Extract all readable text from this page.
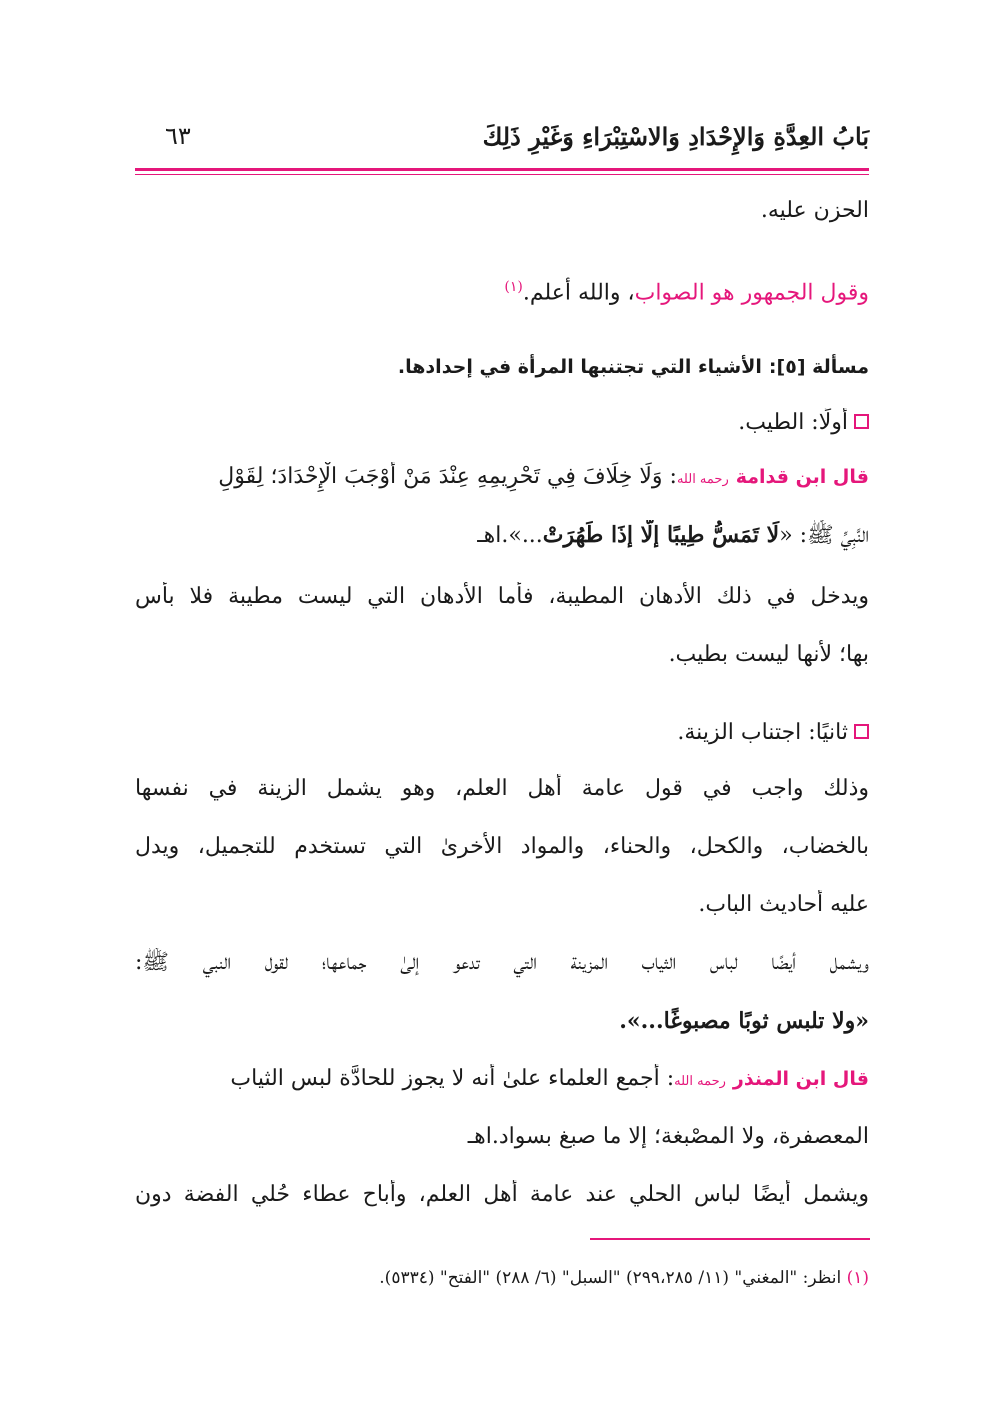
بَابُ العِدَّةِ وَالإِحْدَادِ وَالاسْتِبْرَاءِ وَغَيْرِ ذَلِكَ
٦٣
الحزن عليه.
وقول الجمهور هو الصواب، والله أعلم.$^{(١)}$
مسألة [٥]: الأشياء التي تجتنبها المرأة في إحدادها.
أولًا: الطيب.
قال ابن قدامة رحمه الله: وَلَا خِلَافَ فِي تَحْرِيمِهِ عِنْدَ مَنْ أَوْجَبَ الْإِحْدَادَ؛ لِقَوْلِ
النَّبِيِّ ﷺ: «لَا تَمَسُّ طِيبًا إلَّا إذَا طَهُرَتْ...».اهـ
ويدخل في ذلك الأدهان المطيبة، فأما الأدهان التي ليست مطيبة فلا بأس
بها؛ لأنها ليست بطيب.
ثانيًا: اجتناب الزينة.
وذلك واجب في قول عامة أهل العلم، وهو يشمل الزينة في نفسها
بالخضاب، والكحل، والحناء، والمواد الأخرىٰ التي تستخدم للتجميل، ويدل
عليه أحاديث الباب.
ويشمل أيضًا لباس الثياب المزينة التي تدعو إلىٰ جماعها؛ لقول النبي ﷺ:
«ولا تلبس ثوبًا مصبوغًا...».
قال ابن المنذر رحمه الله: أجمع العلماء علىٰ أنه لا يجوز للحادَّة لبس الثياب
المعصفرة، ولا المصْبغة؛ إلا ما صبغ بسواد.اهـ
ويشمل أيضًا لباس الحلي عند عامة أهل العلم، وأباح عطاء حُلي الفضة دون
(١) انظر: "المغني" (١١/ ٢٩٩،٢٨٥) "السبل" (٦/ ٢٨٨) "الفتح" (٥٣٣٤).
